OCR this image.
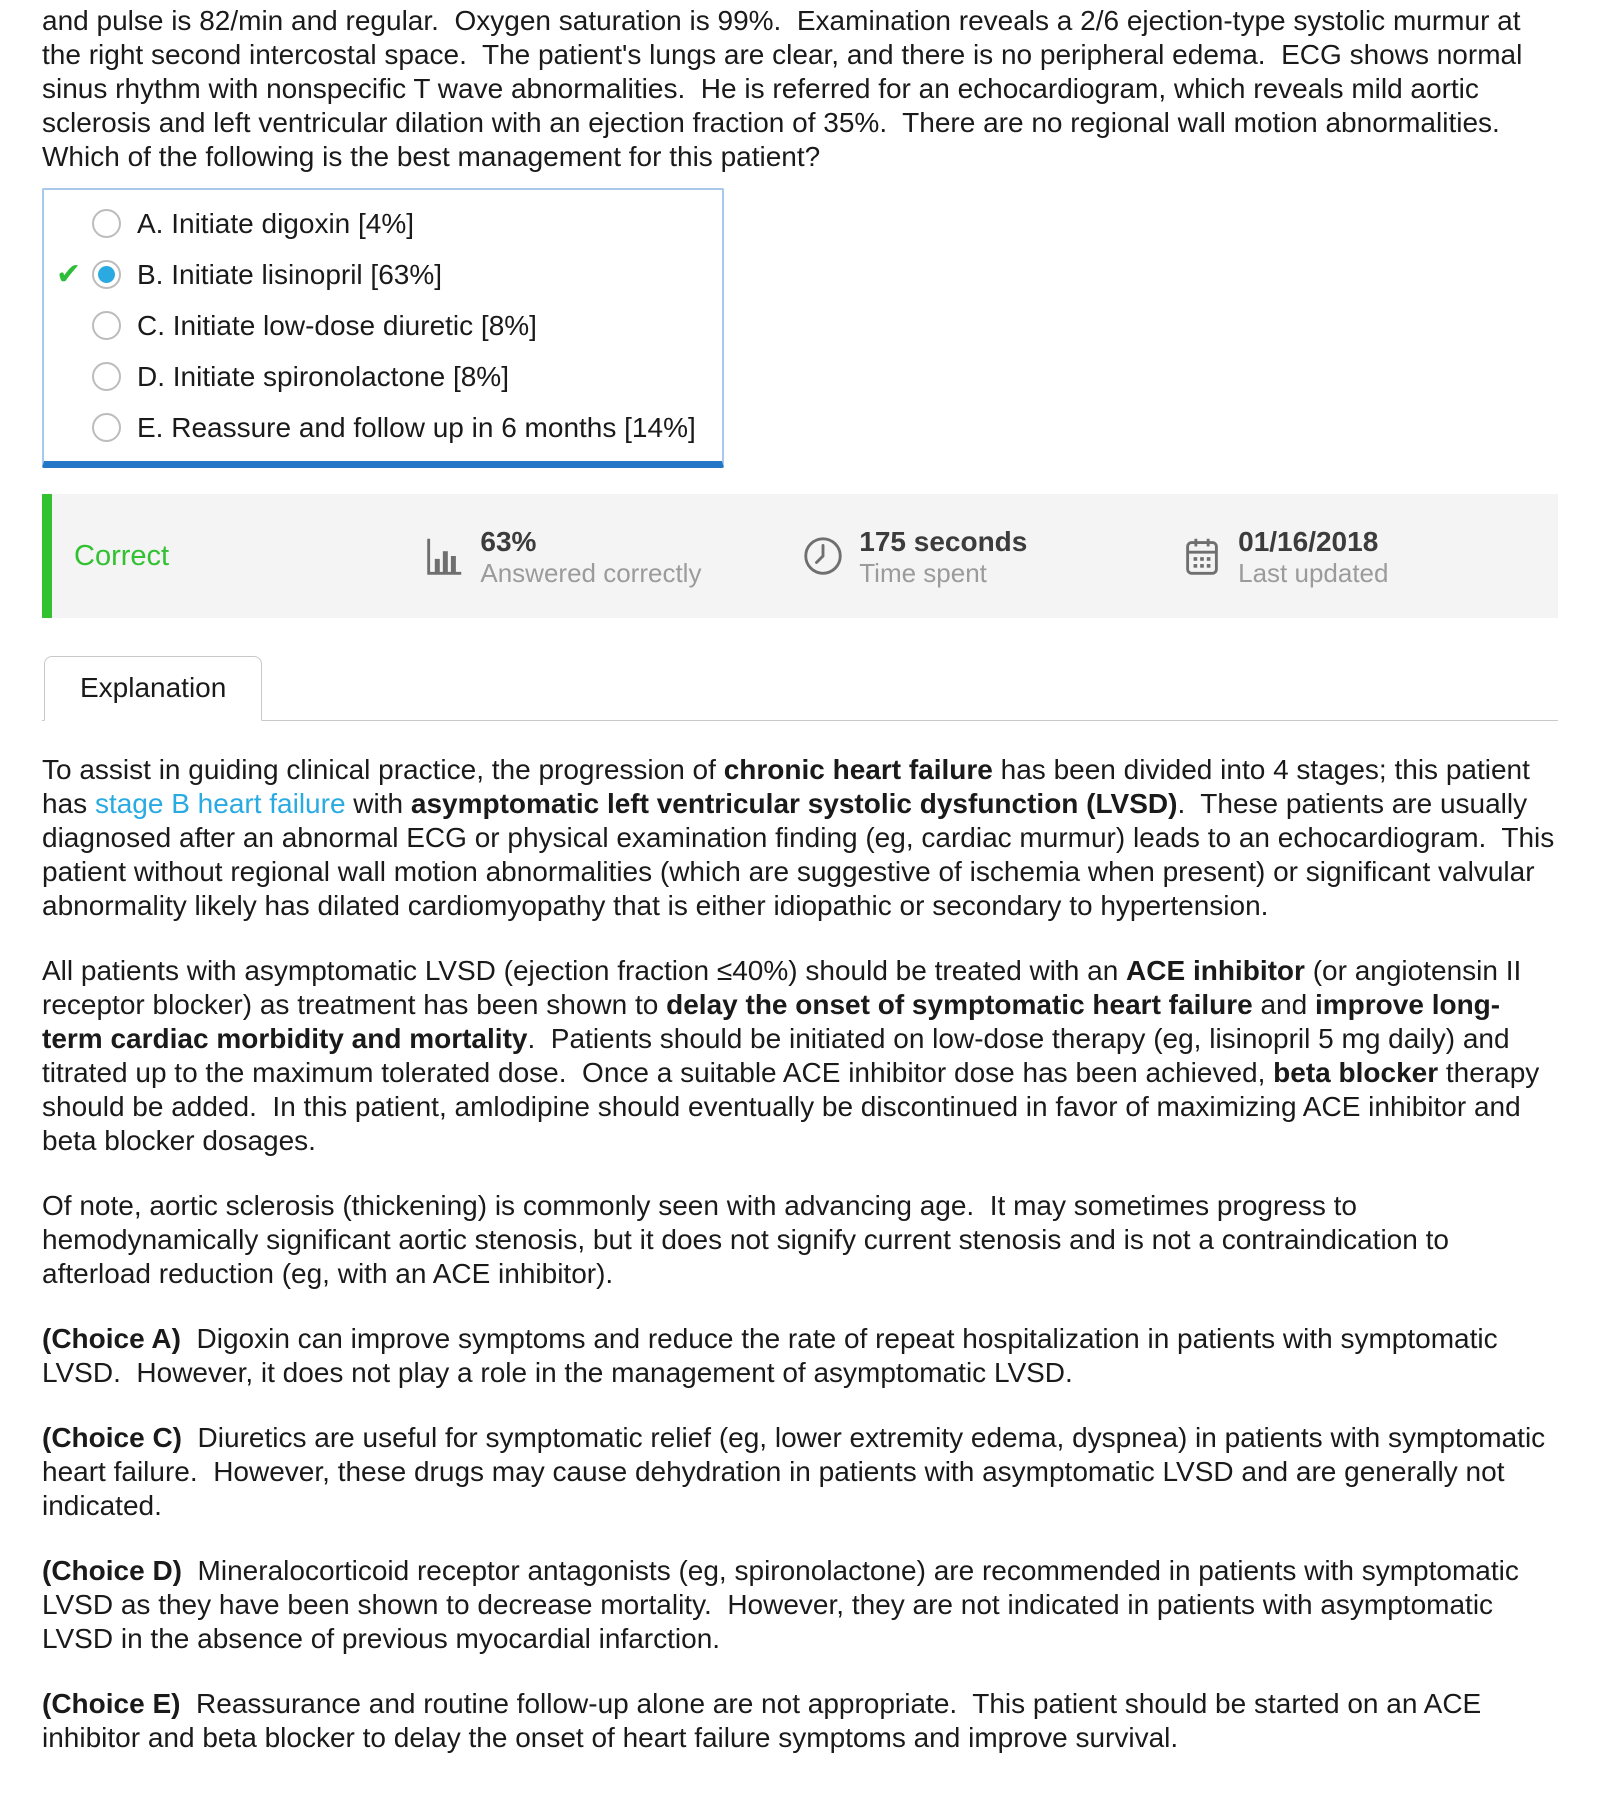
and pulse is 82/min and regular.  Oxygen saturation is 99%.  Examination reveals a 2/6 ejection-type systolic murmur at the right second intercostal space.  The patient's lungs are clear, and there is no peripheral edema.  ECG shows normal sinus rhythm with nonspecific T wave abnormalities.  He is referred for an echocardiogram, which reveals mild aortic sclerosis and left ventricular dilation with an ejection fraction of 35%.  There are no regional wall motion abnormalities.  Which of the following is the best management for this patient?

A. Initiate digoxin [4%]
✔	B. Initiate lisinopril [63%]
C. Initiate low-dose diuretic [8%]
D. Initiate spironolactone [8%]
E. Reassure and follow up in 6 months [14%]
Correct	63%
Answered correctly
175 seconds
Time spent
01/16/2018
Last updated
Explanation

To assist in guiding clinical practice, the progression of chronic heart failure has been divided into 4 stages; this patient has stage B heart failure with asymptomatic left ventricular systolic dysfunction (LVSD).  These patients are usually diagnosed after an abnormal ECG or physical examination finding (eg, cardiac murmur) leads to an echocardiogram.  This patient without regional wall motion abnormalities (which are suggestive of ischemia when present) or significant valvular abnormality likely has dilated cardiomyopathy that is either idiopathic or secondary to hypertension.

All patients with asymptomatic LVSD (ejection fraction ≤40%) should be treated with an ACE inhibitor (or angiotensin II receptor blocker) as treatment has been shown to delay the onset of symptomatic heart failure and improve long-term cardiac morbidity and mortality.  Patients should be initiated on low-dose therapy (eg, lisinopril 5 mg daily) and titrated up to the maximum tolerated dose.  Once a suitable ACE inhibitor dose has been achieved, beta blocker therapy should be added.  In this patient, amlodipine should eventually be discontinued in favor of maximizing ACE inhibitor and beta blocker dosages.

Of note, aortic sclerosis (thickening) is commonly seen with advancing age.  It may sometimes progress to hemodynamically significant aortic stenosis, but it does not signify current stenosis and is not a contraindication to afterload reduction (eg, with an ACE inhibitor).

(Choice A)  Digoxin can improve symptoms and reduce the rate of repeat hospitalization in patients with symptomatic LVSD.  However, it does not play a role in the management of asymptomatic LVSD.

(Choice C)  Diuretics are useful for symptomatic relief (eg, lower extremity edema, dyspnea) in patients with symptomatic heart failure.  However, these drugs may cause dehydration in patients with asymptomatic LVSD and are generally not indicated.

(Choice D)  Mineralocorticoid receptor antagonists (eg, spironolactone) are recommended in patients with symptomatic LVSD as they have been shown to decrease mortality.  However, they are not indicated in patients with asymptomatic LVSD in the absence of previous myocardial infarction.

(Choice E)  Reassurance and routine follow-up alone are not appropriate.  This patient should be started on an ACE inhibitor and beta blocker to delay the onset of heart failure symptoms and improve survival.
